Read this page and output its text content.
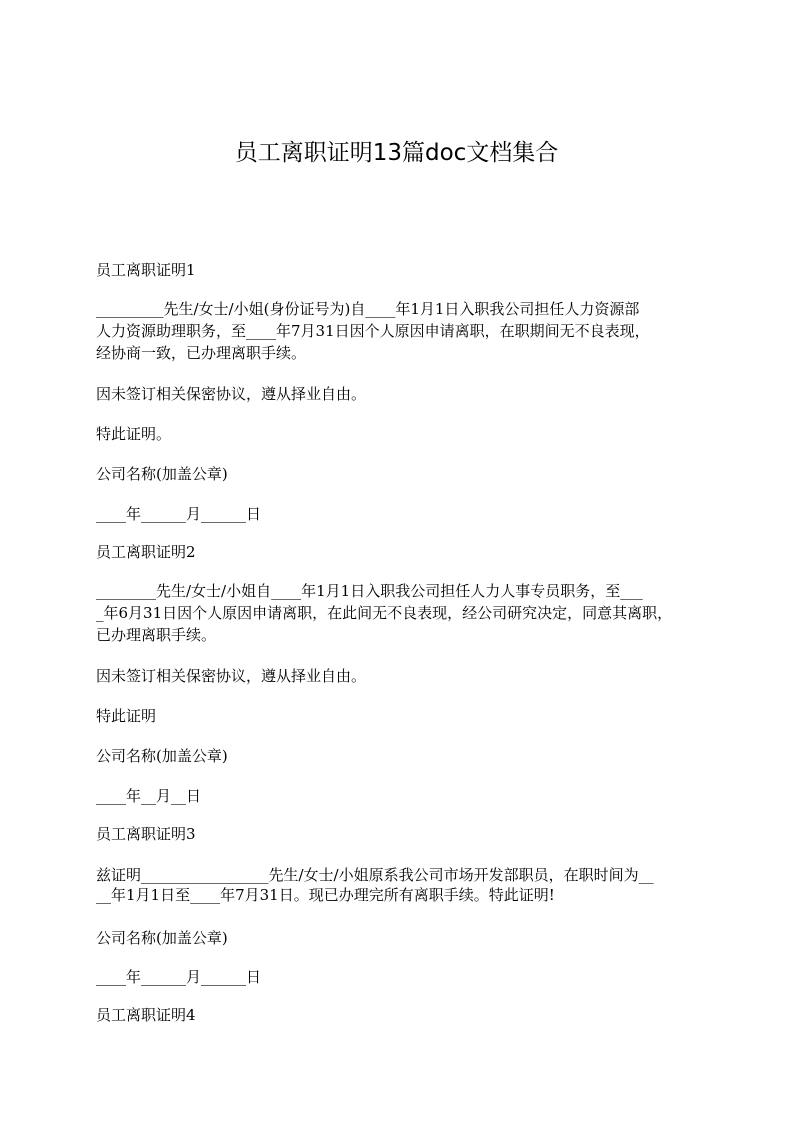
员工离职证明13篇doc文档集合
员工离职证明1
_________先生/女士/小姐(身份证号为)自____年1月1日入职我公司担任人力资源部
人力资源助理职务，至____年7月31日因个人原因申请离职，在职期间无不良表现，
经协商一致，已办理离职手续。
因未签订相关保密协议，遵从择业自由。
特此证明。
公司名称(加盖公章)
____年______月______日
员工离职证明2
________先生/女士/小姐自____年1月1日入职我公司担任人力人事专员职务，至___
_年6月31日因个人原因申请离职，在此间无不良表现，经公司研究决定，同意其离职，
已办理离职手续。
因未签订相关保密协议，遵从择业自由。
特此证明
公司名称(加盖公章)
____年__月__日
员工离职证明3
兹证明_________________先生/女士/小姐原系我公司市场开发部职员，在职时间为__
__年1月1日至____年7月31日。现已办理完所有离职手续。特此证明!
公司名称(加盖公章)
____年______月______日
员工离职证明4
